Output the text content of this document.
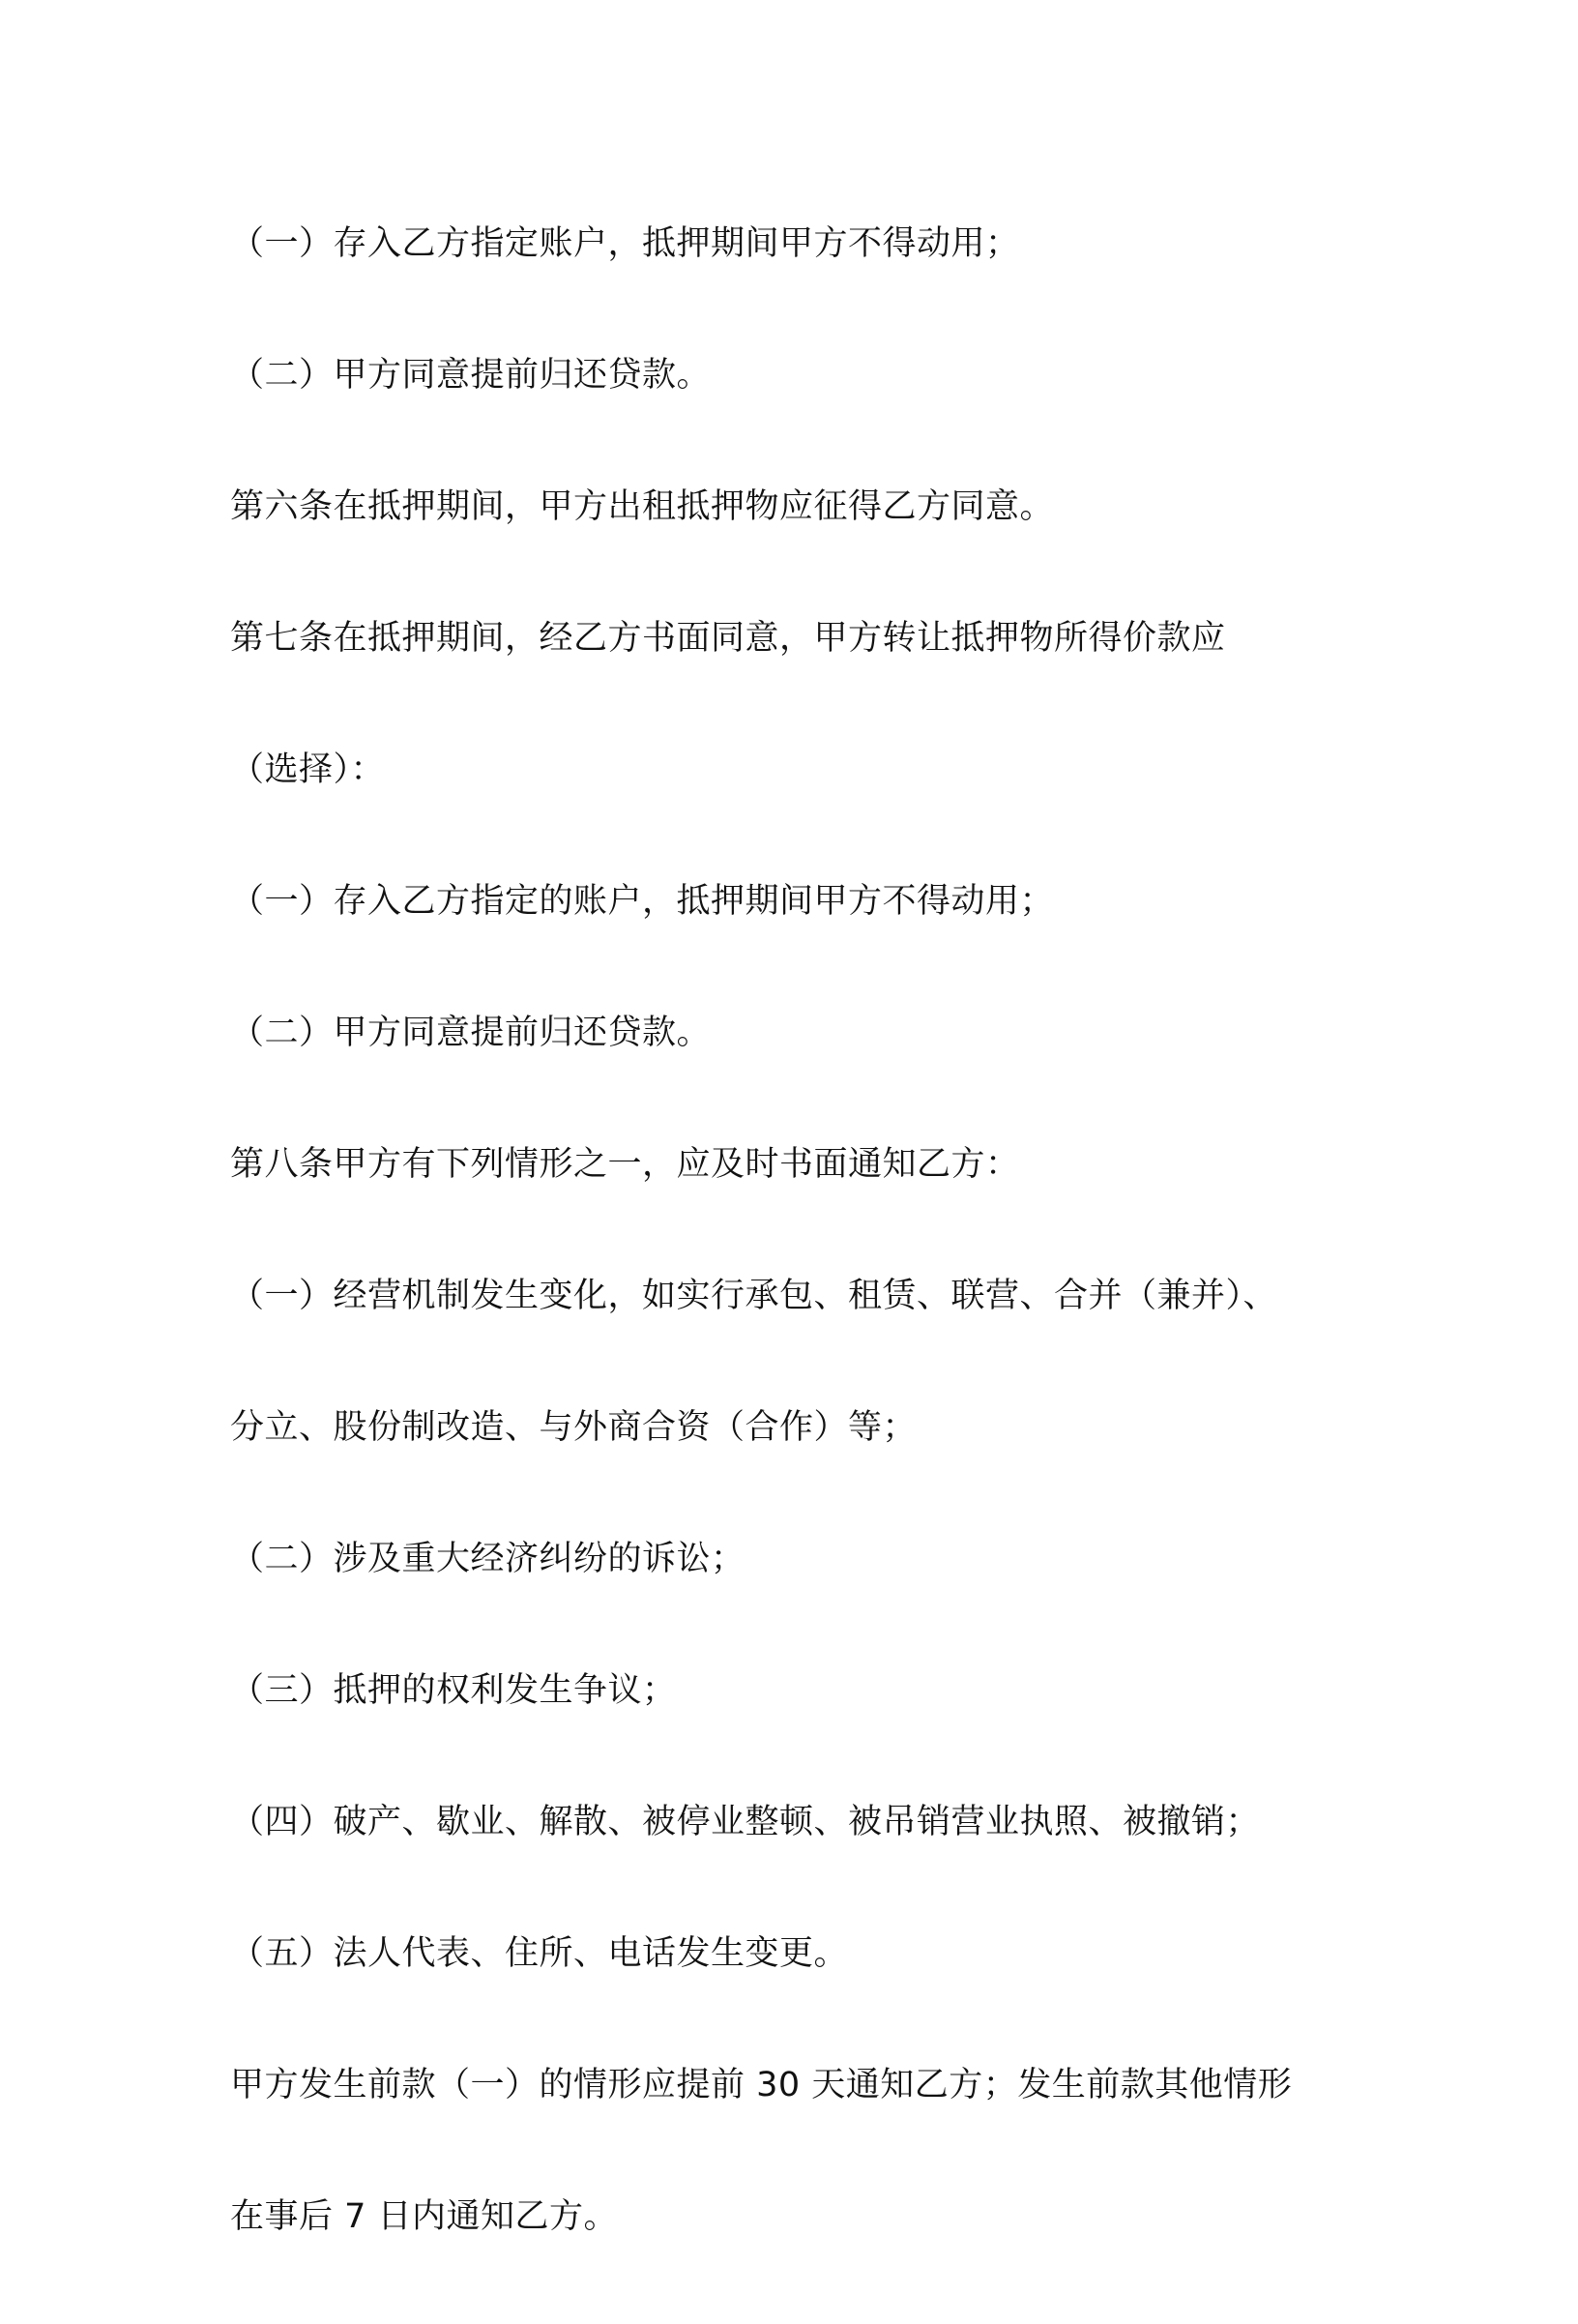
（一）存入乙方指定账户，抵押期间甲方不得动用；

（二）甲方同意提前归还贷款。

第六条在抵押期间，甲方出租抵押物应征得乙方同意。

第七条在抵押期间，经乙方书面同意，甲方转让抵押物所得价款应

（选择）：

（一）存入乙方指定的账户，抵押期间甲方不得动用；

（二）甲方同意提前归还贷款。

第八条甲方有下列情形之一，应及时书面通知乙方：

（一）经营机制发生变化，如实行承包、租赁、联营、合并（兼并）、

分立、股份制改造、与外商合资（合作）等；

（二）涉及重大经济纠纷的诉讼；

（三）抵押的权利发生争议；

（四）破产、歇业、解散、被停业整顿、被吊销营业执照、被撤销；

（五）法人代表、住所、电话发生变更。

甲方发生前款（一）的情形应提前 30 天通知乙方；发生前款其他情形

在事后 7 日内通知乙方。
